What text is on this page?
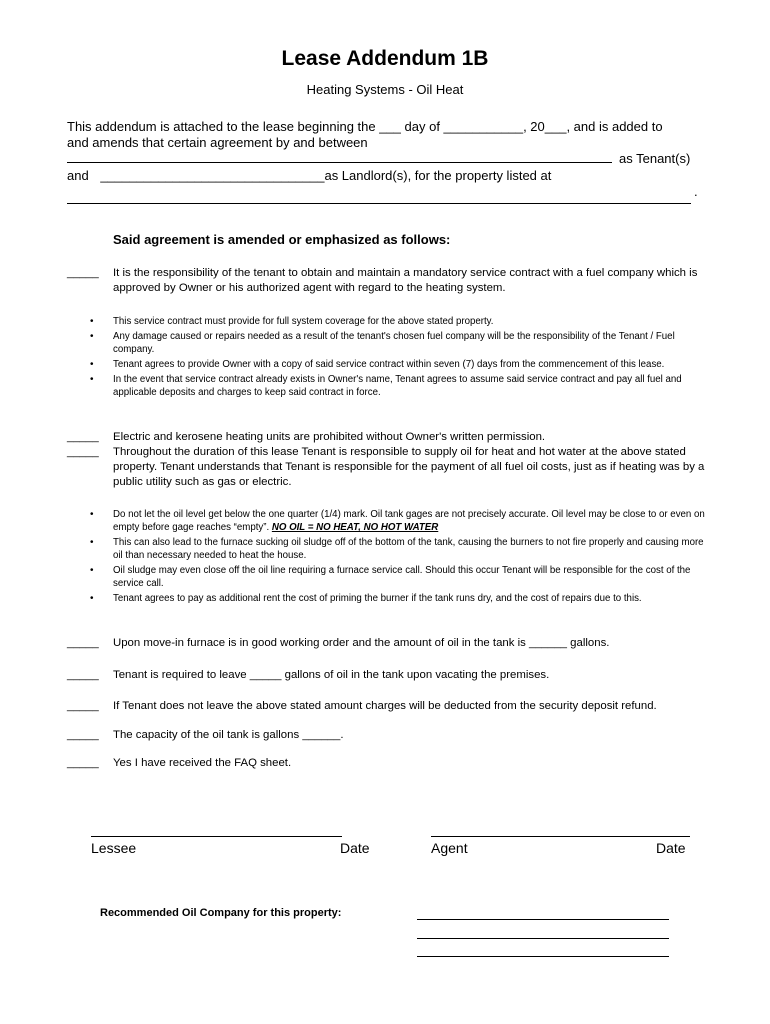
Lease Addendum 1B
Heating Systems - Oil Heat
This addendum is attached to the lease beginning the ___ day of ___________, 20___, and is added to
and amends that certain agreement by and between
as Tenant(s)
and _______________________________as Landlord(s), for the property listed at
.
Said agreement is amended or emphasized as follows:
_____ It is the responsibility of the tenant to obtain and maintain a mandatory service contract with a fuel company which is approved by Owner or his authorized agent with regard to the heating system.
• This service contract must provide for full system coverage for the above stated property.
• Any damage caused or repairs needed as a result of the tenant's chosen fuel company will be the responsibility of the Tenant / Fuel company.
• Tenant agrees to provide Owner with a copy of said service contract within seven (7) days from the commencement of this lease.
• In the event that service contract already exists in Owner's name, Tenant agrees to assume said service contract and pay all fuel and applicable deposits and charges to keep said contract in force.
_____ Electric and kerosene heating units are prohibited without Owner's written permission.
_____ Throughout the duration of this lease Tenant is responsible to supply oil for heat and hot water at the above stated property. Tenant understands that Tenant is responsible for the payment of all fuel oil costs, just as if heating was by a public utility such as gas or electric.
• Do not let the oil level get below the one quarter (1/4) mark. Oil tank gages are not precisely accurate. Oil level may be close to or even on empty before gage reaches “empty”. NO OIL = NO HEAT, NO HOT WATER
• This can also lead to the furnace sucking oil sludge off of the bottom of the tank, causing the burners to not fire properly and causing more oil than necessary needed to heat the house.
• Oil sludge may even close off the oil line requiring a furnace service call. Should this occur Tenant will be responsible for the cost of the service call.
• Tenant agrees to pay as additional rent the cost of priming the burner if the tank runs dry, and the cost of repairs due to this.
_____ Upon move-in furnace is in good working order and the amount of oil in the tank is ______ gallons.
_____ Tenant is required to leave _____ gallons of oil in the tank upon vacating the premises.
_____ If Tenant does not leave the above stated amount charges will be deducted from the security deposit refund.
_____ The capacity of the oil tank is gallons ______.
_____ Yes I have received the FAQ sheet.
Lessee	Date	Agent	Date
Recommended Oil Company for this property:
